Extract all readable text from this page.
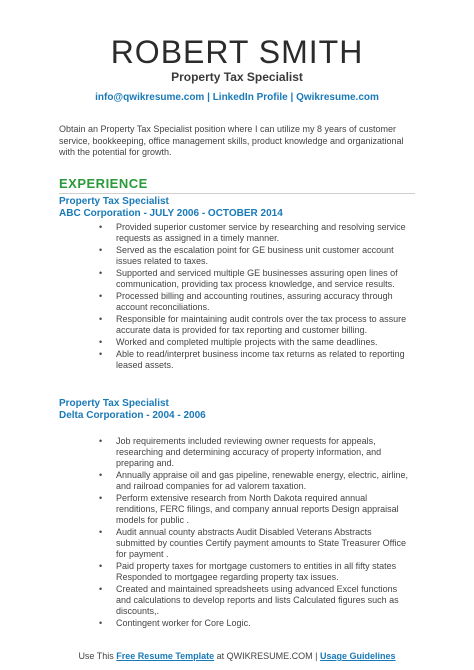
ROBERT SMITH
Property Tax Specialist
info@qwikresume.com | LinkedIn Profile | Qwikresume.com
Obtain an Property Tax Specialist position where I can utilize my 8 years of customer service, bookkeeping, office management skills, product knowledge and organizational with the potential for growth.
EXPERIENCE
Property Tax Specialist
ABC Corporation - JULY 2006 - OCTOBER 2014
• Provided superior customer service by researching and resolving service requests as assigned in a timely manner.
• Served as the escalation point for GE business unit customer account issues related to taxes.
• Supported and serviced multiple GE businesses assuring open lines of communication, providing tax process knowledge, and service results.
• Processed billing and accounting routines, assuring accuracy through account reconciliations.
• Responsible for maintaining audit controls over the tax process to assure accurate data is provided for tax reporting and customer billing.
• Worked and completed multiple projects with the same deadlines.
• Able to read/interpret business income tax returns as related to reporting leased assets.
Property Tax Specialist
Delta Corporation - 2004 - 2006
• Job requirements included reviewing owner requests for appeals, researching and determining accuracy of property information, and preparing and.
• Annually appraise oil and gas pipeline, renewable energy, electric, airline, and railroad companies for ad valorem taxation.
• Perform extensive research from North Dakota required annual renditions, FERC filings, and company annual reports Design appraisal models for public .
• Audit annual county abstracts Audit Disabled Veterans Abstracts submitted by counties Certify payment amounts to State Treasurer Office for payment .
• Paid property taxes for mortgage customers to entities in all fifty states Responded to mortgagee regarding property tax issues.
• Created and maintained spreadsheets using advanced Excel functions and calculations to develop reports and lists Calculated figures such as discounts,.
• Contingent worker for Core Logic.
Use This Free Resume Template at QWIKRESUME.COM | Usage Guidelines
